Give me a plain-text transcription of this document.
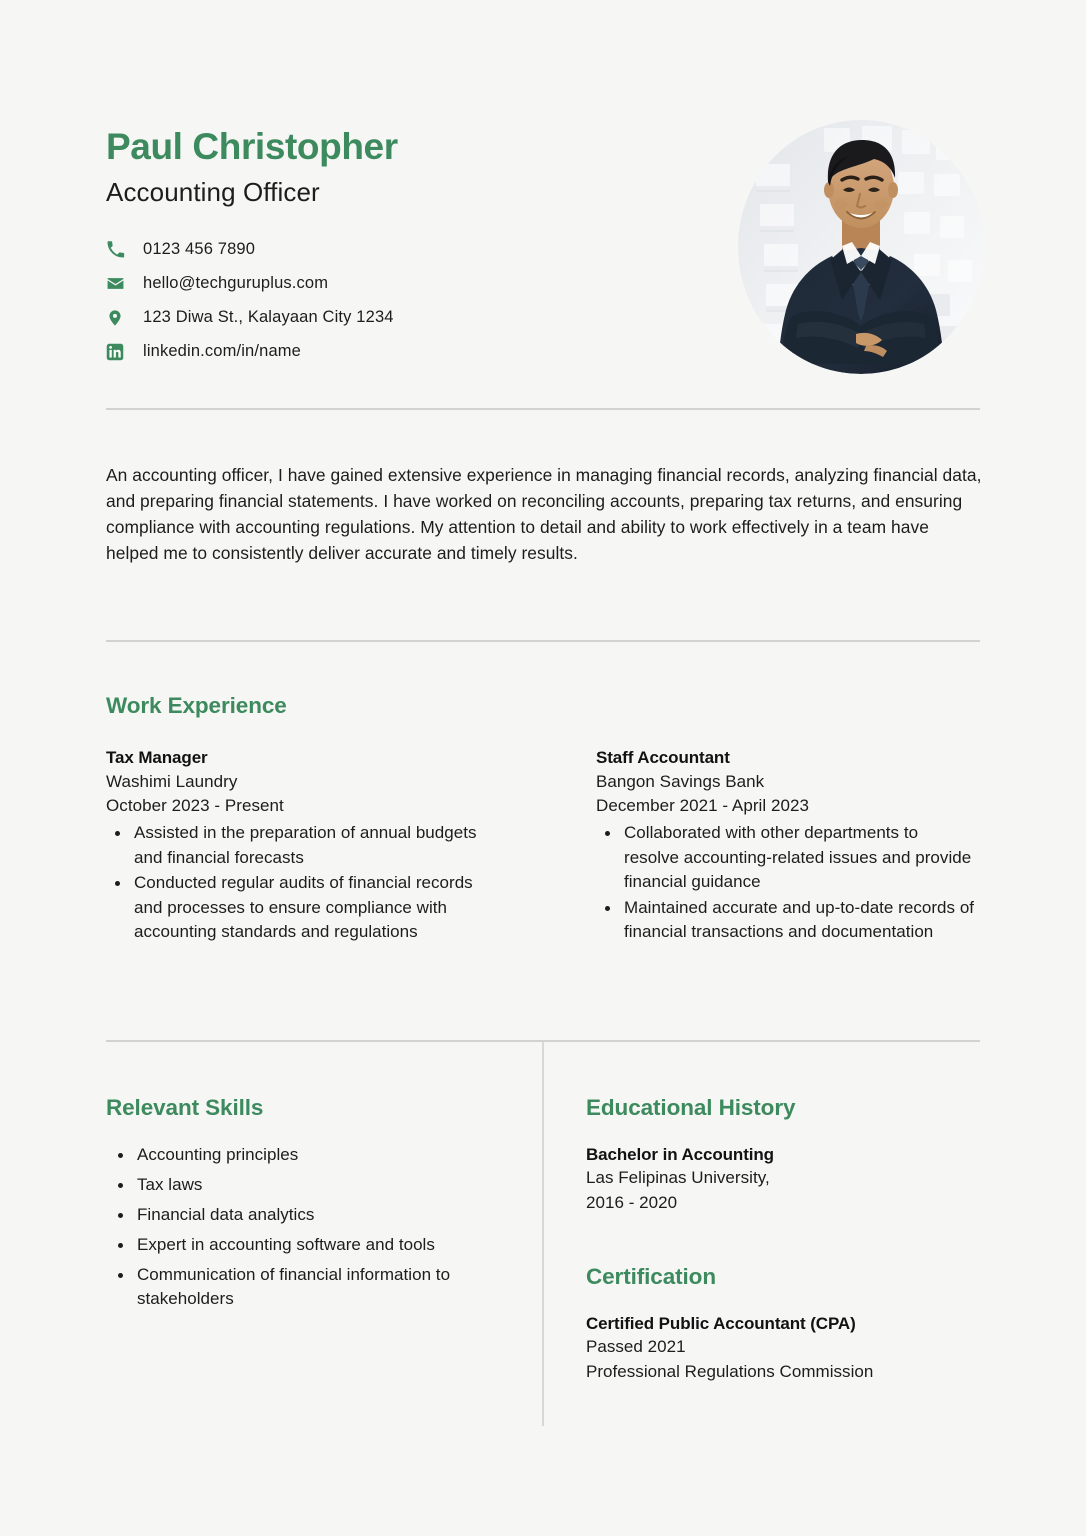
Paul Christopher
Accounting Officer
0123 456 7890
hello@techguruplus.com
123 Diwa St., Kalayaan City 1234
linkedin.com/in/name
An accounting officer, I have gained extensive experience in managing financial records, analyzing financial data, and preparing financial statements. I have worked on reconciling accounts, preparing tax returns, and ensuring compliance with accounting regulations. My attention to detail and ability to work effectively in a team have helped me to consistently deliver accurate and timely results.
Work Experience
Tax Manager
Washimi Laundry
October 2023 - Present
Assisted in the preparation of annual budgets and financial forecasts
Conducted regular audits of financial records and processes to ensure compliance with accounting standards and regulations
Staff Accountant
Bangon Savings Bank
December 2021 - April 2023
Collaborated with other departments to resolve accounting-related issues and provide financial guidance
Maintained accurate and up-to-date records of financial transactions and documentation
Relevant Skills
Accounting principles
Tax laws
Financial data analytics
Expert in accounting software and tools
Communication of financial information to stakeholders
Educational History
Bachelor in Accounting
Las Felipinas University,
2016 - 2020
Certification
Certified Public Accountant (CPA)
Passed 2021
Professional Regulations Commission
